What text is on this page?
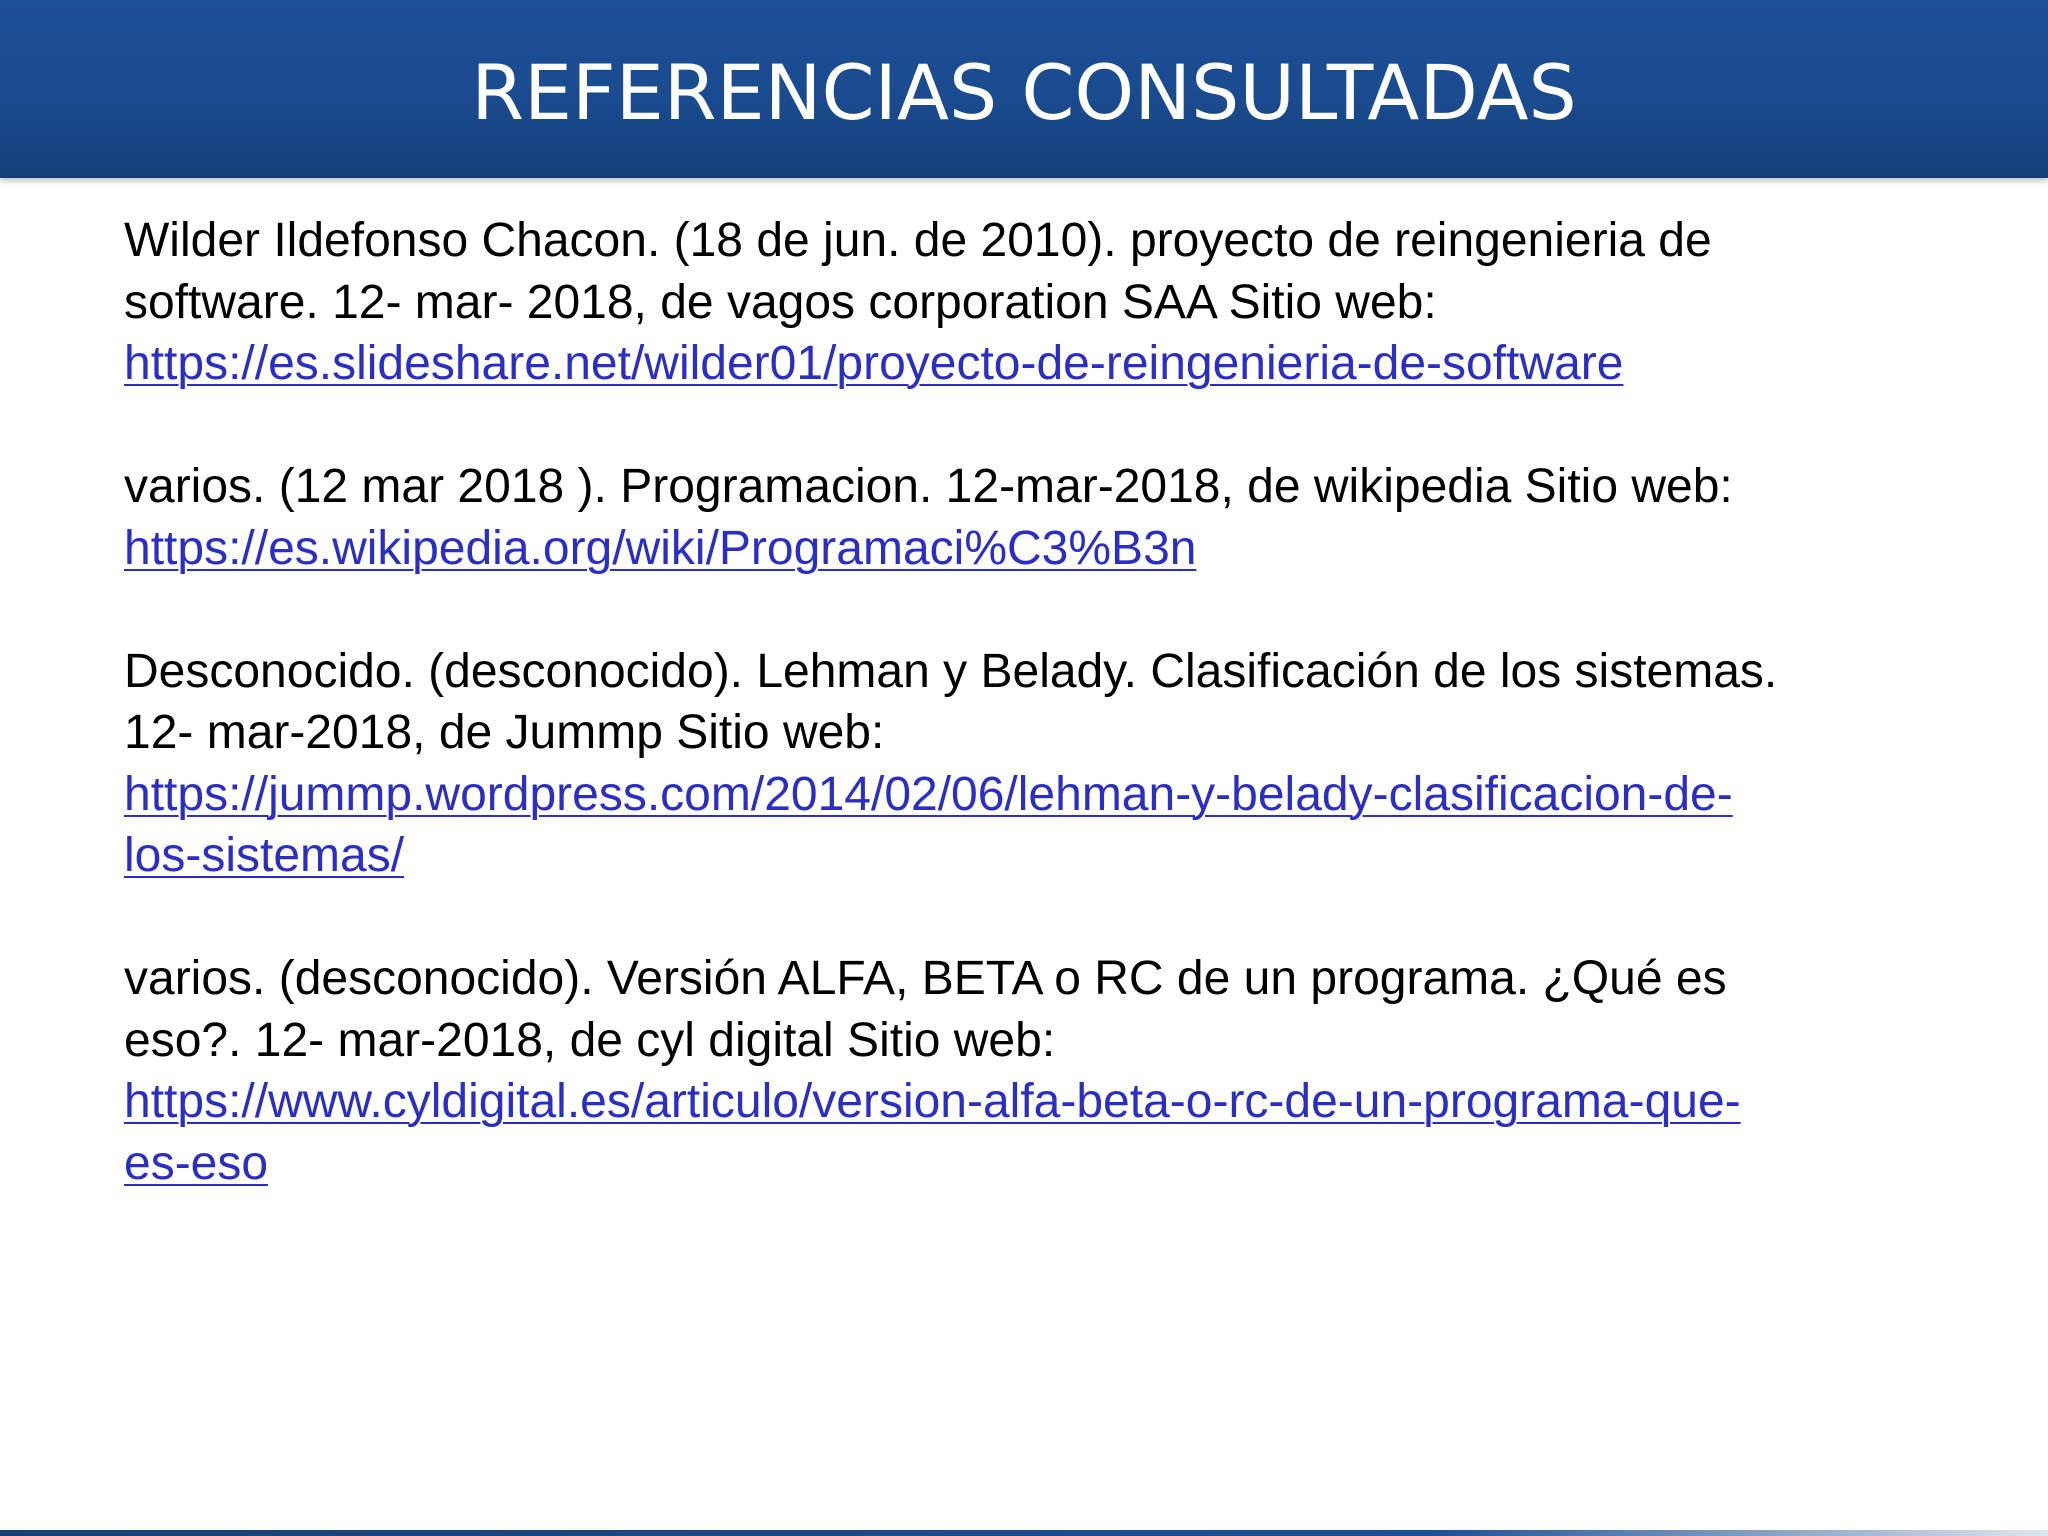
REFERENCIAS CONSULTADAS
Wilder Ildefonso Chacon. (18 de jun. de 2010). proyecto de reingenieria de
software. 12- mar- 2018, de vagos corporation SAA Sitio web:
https://es.slideshare.net/wilder01/proyecto-de-reingenieria-de-software
varios. (12 mar 2018 ). Programacion. 12-mar-2018, de wikipedia Sitio web:
https://es.wikipedia.org/wiki/Programaci%C3%B3n
Desconocido. (desconocido). Lehman y Belady. Clasificación de los sistemas.
12- mar-2018, de Jummp Sitio web:
https://jummp.wordpress.com/2014/02/06/lehman-y-belady-clasificacion-de-
los-sistemas/
varios. (desconocido). Versión ALFA, BETA o RC de un programa. ¿Qué es
eso?. 12- mar-2018, de cyl digital Sitio web:
https://www.cyldigital.es/articulo/version-alfa-beta-o-rc-de-un-programa-que-
es-eso
